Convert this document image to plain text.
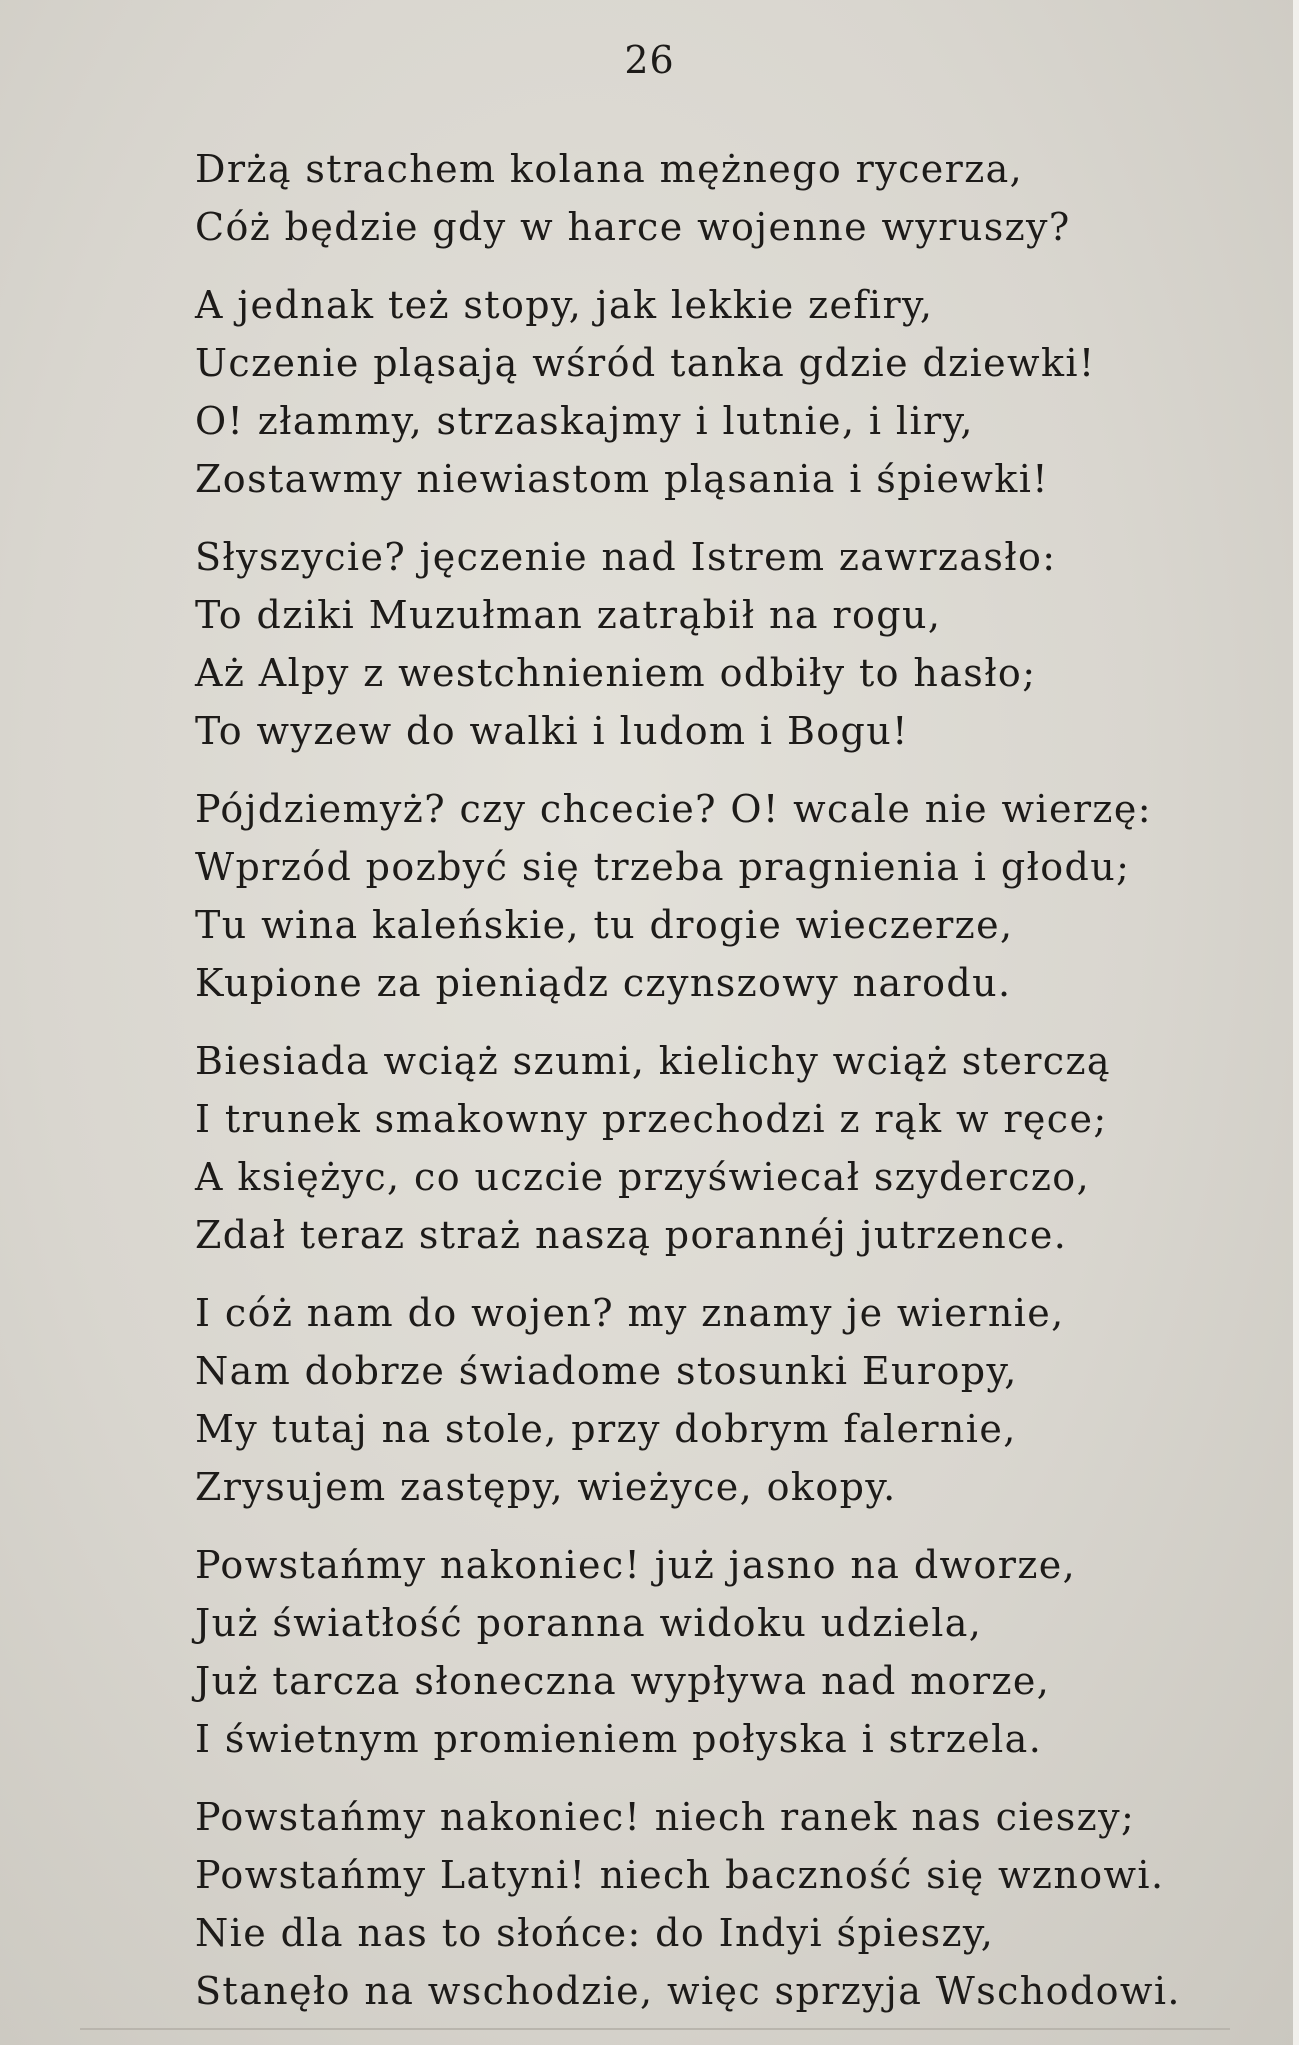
26
Drżą strachem kolana mężnego rycerza,
Cóż będzie gdy w harce wojenne wyruszy?
A jednak też stopy, jak lekkie zefiry,
Uczenie pląsają wśród tanka gdzie dziewki!
O! złammy, strzaskajmy i lutnie, i liry,
Zostawmy niewiastom pląsania i śpiewki!
Słyszycie? jęczenie nad Istrem zawrzasło:
To dziki Muzułman zatrąbił na rogu,
Aż Alpy z westchnieniem odbiły to hasło;
To wyzew do walki i ludom i Bogu!
Pójdziemyż? czy chcecie? O! wcale nie wierzę:
Wprzód pozbyć się trzeba pragnienia i głodu;
Tu wina kaleńskie, tu drogie wieczerze,
Kupione za pieniądz czynszowy narodu.
Biesiada wciąż szumi, kielichy wciąż sterczą
I trunek smakowny przechodzi z rąk w ręce;
A księżyc, co uczcie przyświecał szyderczo,
Zdał teraz straż naszą porannéj jutrzence.
I cóż nam do wojen? my znamy je wiernie,
Nam dobrze świadome stosunki Europy,
My tutaj na stole, przy dobrym falernie,
Zrysujem zastępy, wieżyce, okopy.
Powstańmy nakoniec! już jasno na dworze,
Już światłość poranna widoku udziela,
Już tarcza słoneczna wypływa nad morze,
I świetnym promieniem połyska i strzela.
Powstańmy nakoniec! niech ranek nas cieszy;
Powstańmy Latyni! niech baczność się wznowi.
Nie dla nas to słońce: do Indyi śpieszy,
Stanęło na wschodzie, więc sprzyja Wschodowi.
